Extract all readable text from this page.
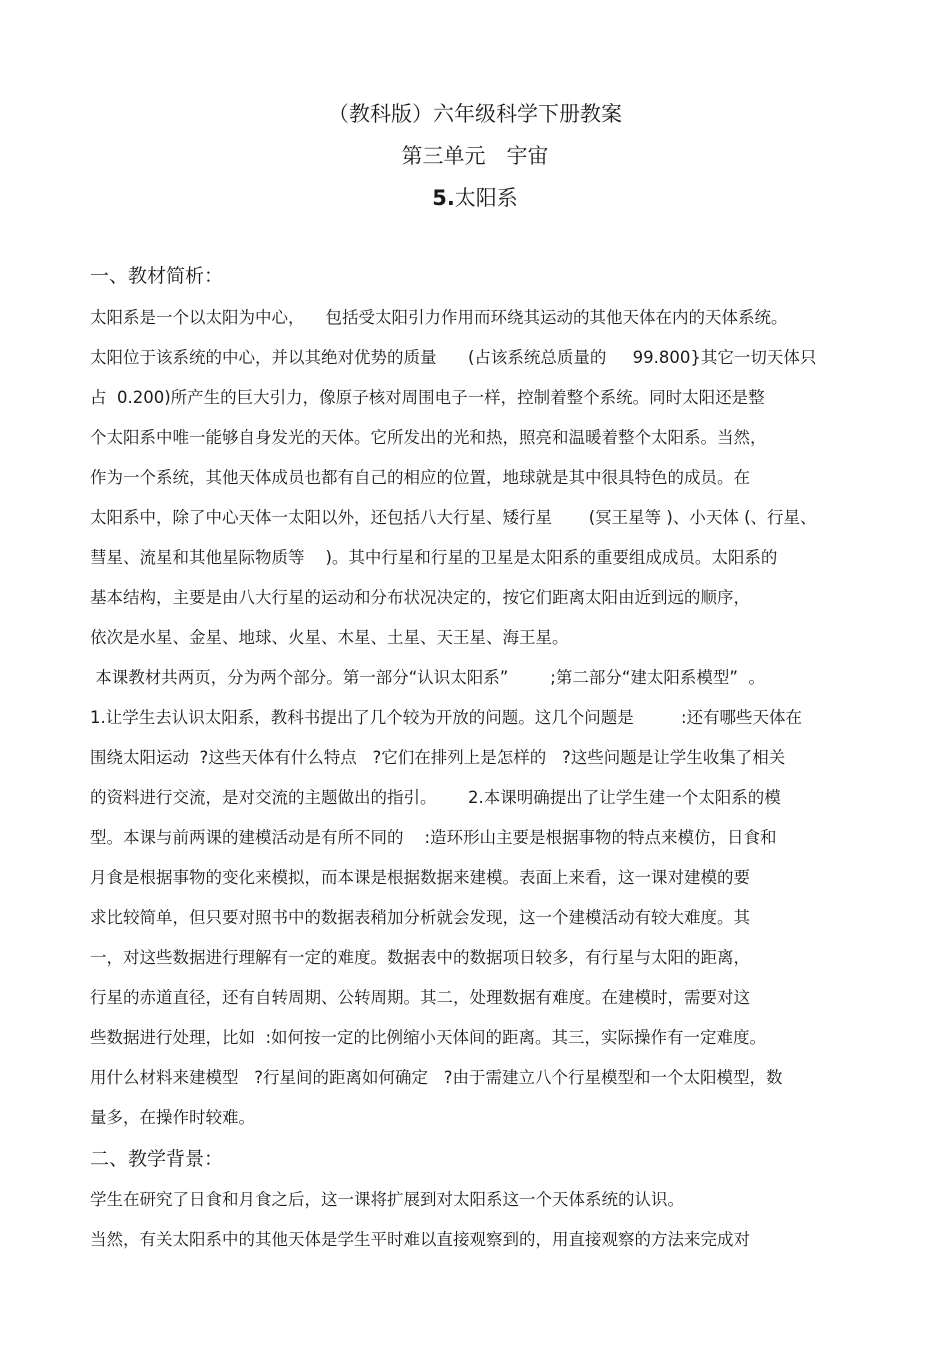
（教科版）六年级科学下册教案
第三单元　宇宙
5.太阳系
一、教材简析：
太阳系是一个以太阳为中心，    包括受太阳引力作用而环绕其运动的其他天体在内的天体系统。
太阳位于该系统的中心，并以其绝对优势的质量      (占该系统总质量的     99.800}其它一切天体只
占  0.200)所产生的巨大引力，像原子核对周围电子一样，控制着整个系统。同时太阳还是整
个太阳系中唯一能够自身发光的天体。它所发出的光和热，照亮和温暖着整个太阳系。当然，
作为一个系统，其他天体成员也都有自己的相应的位置，地球就是其中很具特色的成员。在
太阳系中，除了中心天体一太阳以外，还包括八大行星、矮行星       (冥王星等 )、小天体 (、行星、
彗星、流星和其他星际物质等    )。其中行星和行星的卫星是太阳系的重要组成成员。太阳系的
基本结构，主要是由八大行星的运动和分布状况决定的，按它们距离太阳由近到远的顺序，
依次是水星、金星、地球、火星、木星、土星、天王星、海王星。
本课教材共两页，分为两个部分。第一部分“认识太阳系”        ;第二部分“建太阳系模型”  。
1.让学生去认识太阳系，教科书提出了几个较为开放的问题。这几个问题是         :还有哪些天体在
围绕太阳运动  ?这些天体有什么特点   ?它们在排列上是怎样的   ?这些问题是让学生收集了相关
的资料进行交流，是对交流的主题做出的指引。      2.本课明确提出了让学生建一个太阳系的模
型。本课与前两课的建模活动是有所不同的    :造环形山主要是根据事物的特点来模仿，日食和
月食是根据事物的变化来模拟，而本课是根据数据来建模。表面上来看，这一课对建模的要
求比较简单，但只要对照书中的数据表稍加分析就会发现，这一个建模活动有较大难度。其
一，对这些数据进行理解有一定的难度。数据表中的数据项日较多，有行星与太阳的距离，
行星的赤道直径，还有自转周期、公转周期。其二，处理数据有难度。在建模时，需要对这
些数据进行处理，比如  :如何按一定的比例缩小天体间的距离。其三，实际操作有一定难度。
用什么材料来建模型   ?行星间的距离如何确定   ?由于需建立八个行星模型和一个太阳模型，数
量多，在操作时较难。
二、教学背景：
学生在研究了日食和月食之后，这一课将扩展到对太阳系这一个天体系统的认识。
当然，有关太阳系中的其他天体是学生平时难以直接观察到的，用直接观察的方法来完成对
